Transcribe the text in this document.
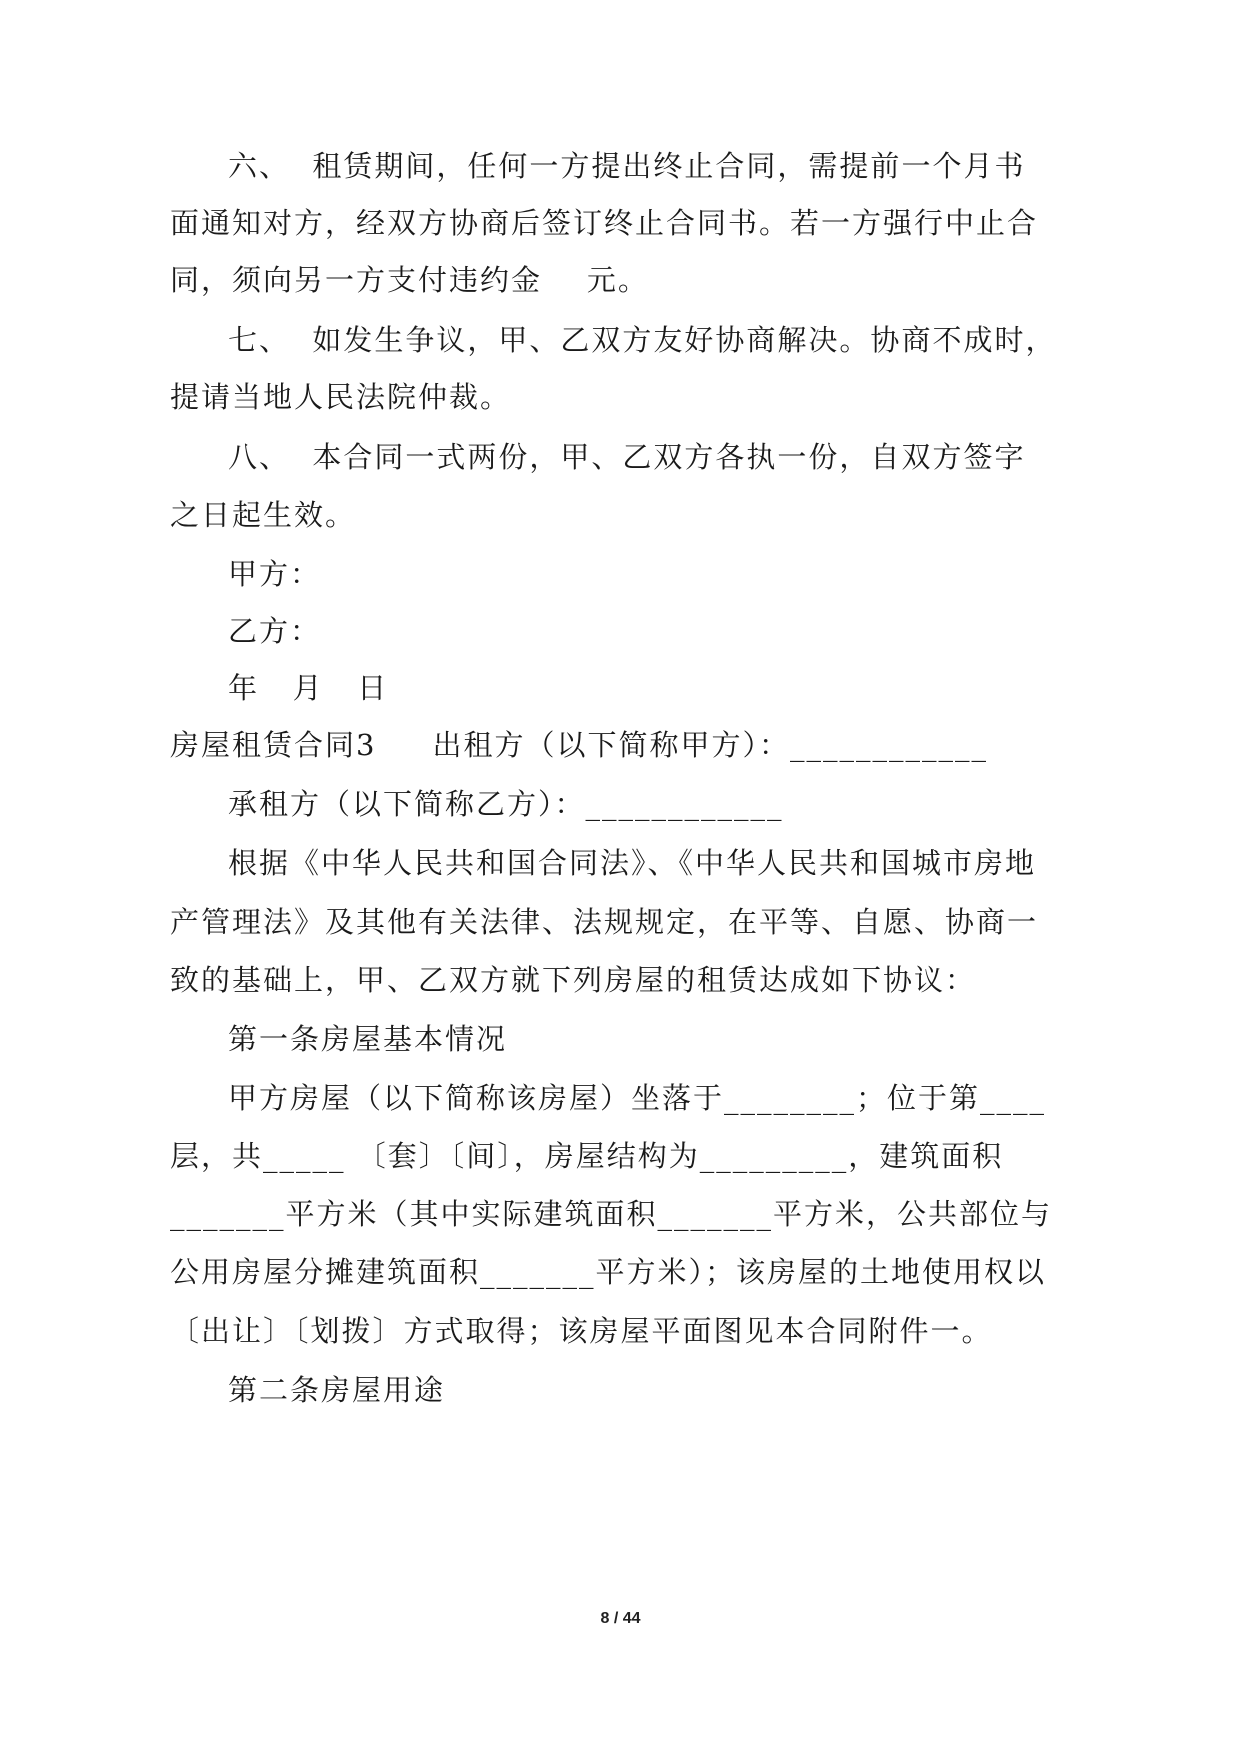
六、  租赁期间，任何一方提出终止合同，需提前一个月书
面通知对方，经双方协商后签订终止合同书。若一方强行中止合
同，须向另一方支付违约金    元。
七、  如发生争议，甲、乙双方友好协商解决。协商不成时，
提请当地人民法院仲裁。
八、  本合同一式两份，甲、乙双方各执一份，自双方签字
之日起生效。
甲方：
乙方：
年   月   日
房屋租赁合同3     出租方（以下简称甲方）：____________
承租方（以下简称乙方）：____________
根据《中华人民共和国合同法》、《中华人民共和国城市房地
产管理法》及其他有关法律、法规规定，在平等、自愿、协商一
致的基础上，甲、乙双方就下列房屋的租赁达成如下协议：
第一条房屋基本情况
甲方房屋（以下简称该房屋）坐落于________；位于第____
层，共_____ 〔套〕〔间〕，房屋结构为_________，建筑面积
_______平方米（其中实际建筑面积_______平方米，公共部位与
公用房屋分摊建筑面积_______平方米）；该房屋的土地使用权以
〔出让〕〔划拨〕方式取得；该房屋平面图见本合同附件一。
第二条房屋用途
8 / 44
